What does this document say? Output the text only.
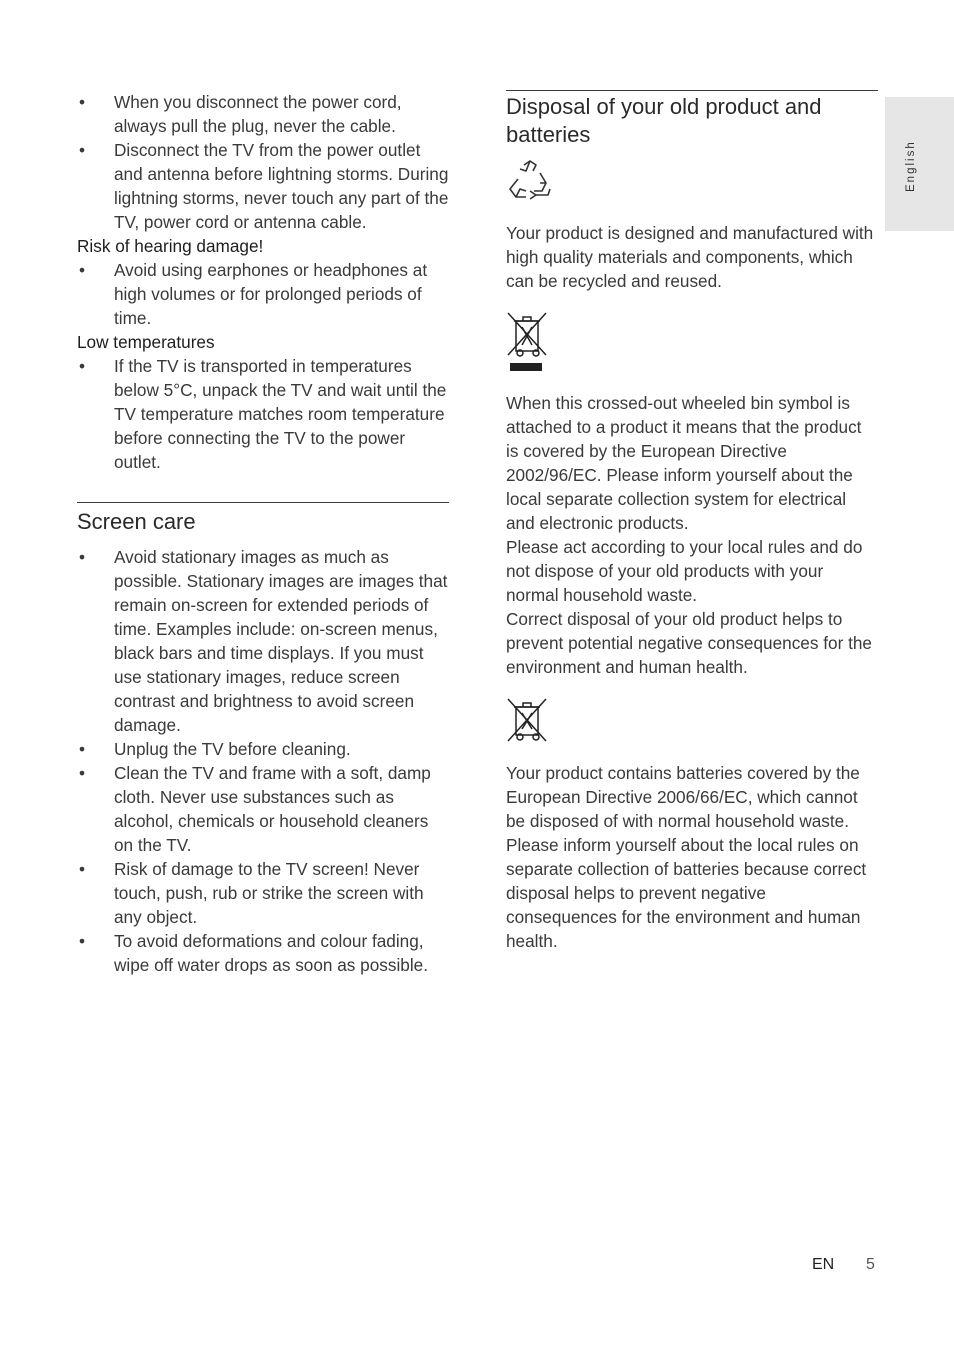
• When you disconnect the power cord, always pull the plug, never the cable.
• Disconnect the TV from the power outlet and antenna before lightning storms. During lightning storms, never touch any part of the TV, power cord or antenna cable.
Risk of hearing damage!
• Avoid using earphones or headphones at high volumes or for prolonged periods of time.
Low temperatures
• If the TV is transported in temperatures below 5°C, unpack the TV and wait until the TV temperature matches room temperature before connecting the TV to the power outlet.
Screen care
• Avoid stationary images as much as possible. Stationary images are images that remain on-screen for extended periods of time. Examples include: on-screen menus, black bars and time displays. If you must use stationary images, reduce screen contrast and brightness to avoid screen damage.
• Unplug the TV before cleaning.
• Clean the TV and frame with a soft, damp cloth. Never use substances such as alcohol, chemicals or household cleaners on the TV.
• Risk of damage to the TV screen! Never touch, push, rub or strike the screen with any object.
• To avoid deformations and colour fading, wipe off water drops as soon as possible.
Disposal of your old product and batteries

Your product is designed and manufactured with high quality materials and components, which can be recycled and reused.

When this crossed-out wheeled bin symbol is attached to a product it means that the product is covered by the European Directive 2002/96/EC. Please inform yourself about the local separate collection system for electrical and electronic products.

Please act according to your local rules and do not dispose of your old products with your normal household waste.

Correct disposal of your old product helps to prevent potential negative consequences for the environment and human health.

Your product contains batteries covered by the European Directive 2006/66/EC, which cannot be disposed of with normal household waste.

Please inform yourself about the local rules on separate collection of batteries because correct disposal helps to prevent negative consequences for the environment and human health.

English
EN 5
